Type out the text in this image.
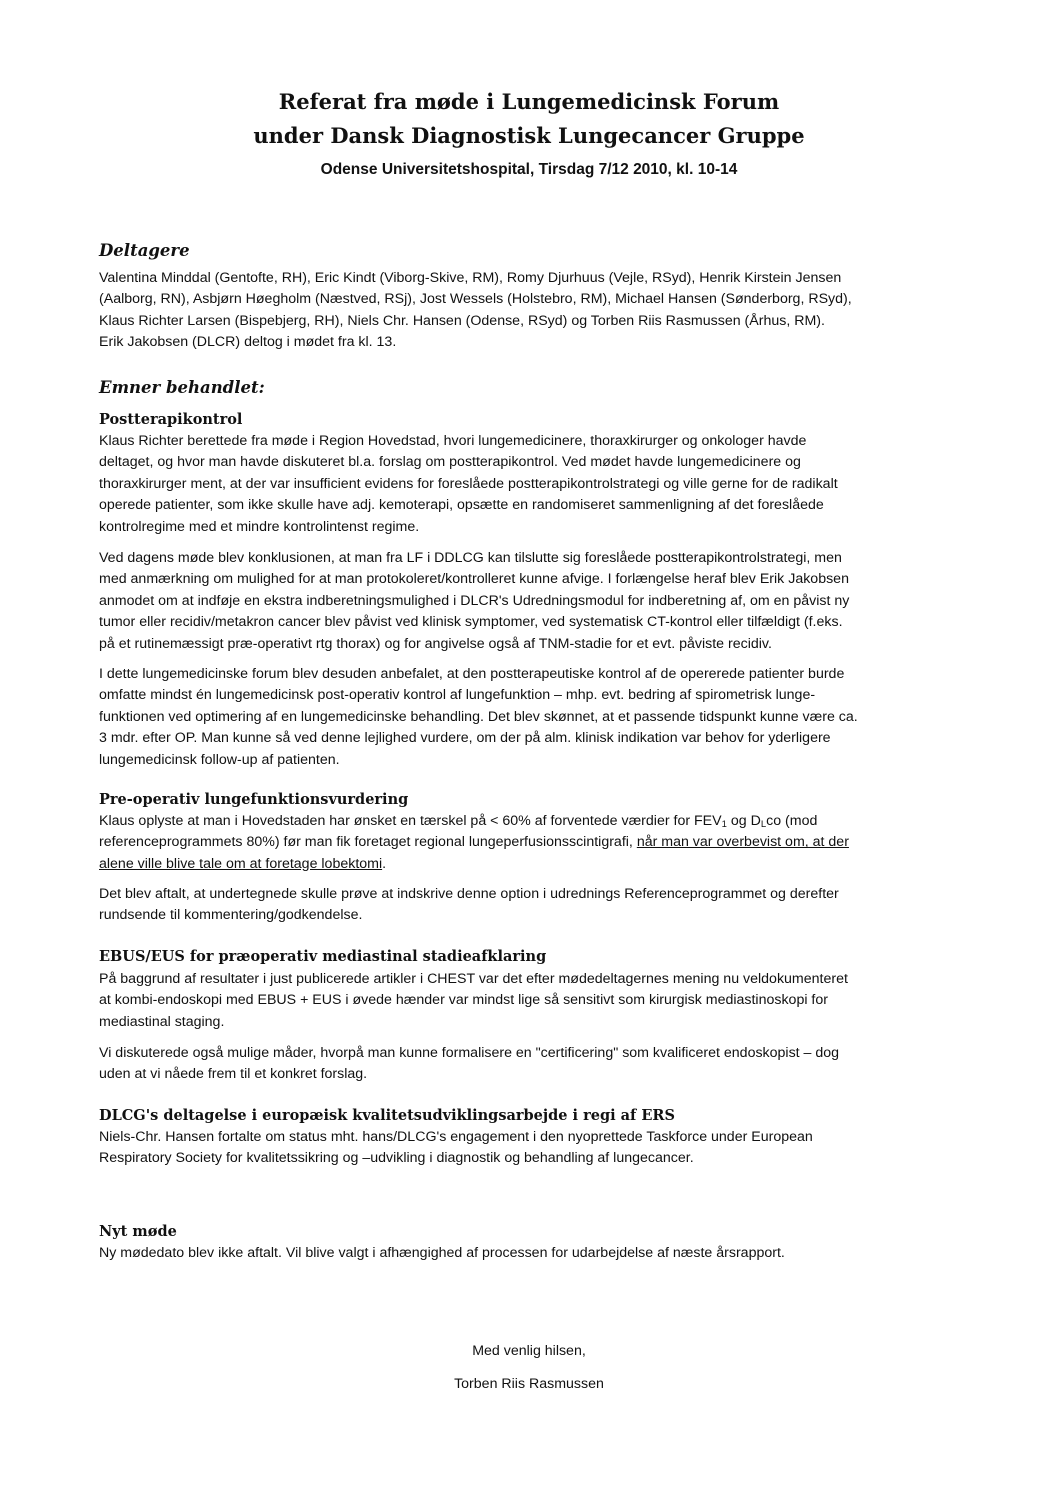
Referat fra møde i Lungemedicinsk Forum
under Dansk Diagnostisk Lungecancer Gruppe
Odense Universitetshospital, Tirsdag 7/12 2010, kl. 10-14
Deltagere
Valentina Minddal (Gentofte, RH), Eric Kindt (Viborg-Skive, RM), Romy Djurhuus (Vejle, RSyd), Henrik Kirstein Jensen
(Aalborg, RN), Asbjørn Høegholm (Næstved, RSj), Jost Wessels (Holstebro, RM), Michael Hansen (Sønderborg, RSyd),
Klaus Richter Larsen (Bispebjerg, RH), Niels Chr. Hansen (Odense, RSyd) og Torben Riis Rasmussen (Århus, RM).
Erik Jakobsen (DLCR) deltog i mødet fra kl. 13.
Emner behandlet:
Postterapikontrol
Klaus Richter berettede fra møde i Region Hovedstad, hvori lungemedicinere, thoraxkirurger og onkologer havde
deltaget, og hvor man havde diskuteret bl.a. forslag om postterapikontrol. Ved mødet havde lungemedicinere og
thoraxkirurger ment, at der var insufficient evidens for foreslåede postterapikontrolstrategi og ville gerne for de radikalt
operede patienter, som ikke skulle have adj. kemoterapi, opsætte en randomiseret sammenligning af det foreslåede
kontrolregime med et mindre kontrolintenst regime.
Ved dagens møde blev konklusionen, at man fra LF i DDLCG kan tilslutte sig foreslåede postterapikontrolstrategi, men
med anmærkning om mulighed for at man protokoleret/kontrolleret kunne afvige. I forlængelse heraf blev Erik Jakobsen
anmodet om at indføje en ekstra indberetningsmulighed i DLCR's Udredningsmodul for indberetning af, om en påvist ny
tumor eller recidiv/metakron cancer blev påvist ved klinisk symptomer, ved systematisk CT-kontrol eller tilfældigt (f.eks.
på et rutinemæssigt præ-operativt rtg thorax) og for angivelse også af TNM-stadie for et evt. påviste recidiv.
I dette lungemedicinske forum blev desuden anbefalet, at den postterapeutiske kontrol af de opererede patienter burde
omfatte mindst én lungemedicinsk post-operativ kontrol af lungefunktion – mhp. evt. bedring af spirometrisk lunge-
funktionen ved optimering af en lungemedicinske behandling. Det blev skønnet, at et passende tidspunkt kunne være ca.
3 mdr. efter OP. Man kunne så ved denne lejlighed vurdere, om der på alm. klinisk indikation var behov for yderligere
lungemedicinsk follow-up af patienten.
Pre-operativ lungefunktionsvurdering
Klaus oplyste at man i Hovedstaden har ønsket en tærskel på < 60% af forventede værdier for $FEV_1$ og $D_Lco$ (mod
referenceprogrammets 80%) før man fik foretaget regional lungeperfusionsscintigrafi, når man var overbevist om, at der
alene ville blive tale om at foretage lobektomi.
Det blev aftalt, at undertegnede skulle prøve at indskrive denne option i udrednings Referenceprogrammet og derefter
rundsende til kommentering/godkendelse.
EBUS/EUS for præoperativ mediastinal stadieafklaring
På baggrund af resultater i just publicerede artikler i CHEST var det efter mødedeltagernes mening nu veldokumenteret
at kombi-endoskopi med EBUS + EUS i øvede hænder var mindst lige så sensitivt som kirurgisk mediastinoskopi for
mediastinal staging.
Vi diskuterede også mulige måder, hvorpå man kunne formalisere en "certificering" som kvalificeret endoskopist – dog
uden at vi nåede frem til et konkret forslag.
DLCG's deltagelse i europæisk kvalitetsudviklingsarbejde i regi af ERS
Niels-Chr. Hansen fortalte om status mht. hans/DLCG's engagement i den nyoprettede Taskforce under European
Respiratory Society for kvalitetssikring og –udvikling i diagnostik og behandling af lungecancer.
Nyt møde
Ny mødedato blev ikke aftalt. Vil blive valgt i afhængighed af processen for udarbejdelse af næste årsrapport.
Med venlig hilsen,
Torben Riis Rasmussen
